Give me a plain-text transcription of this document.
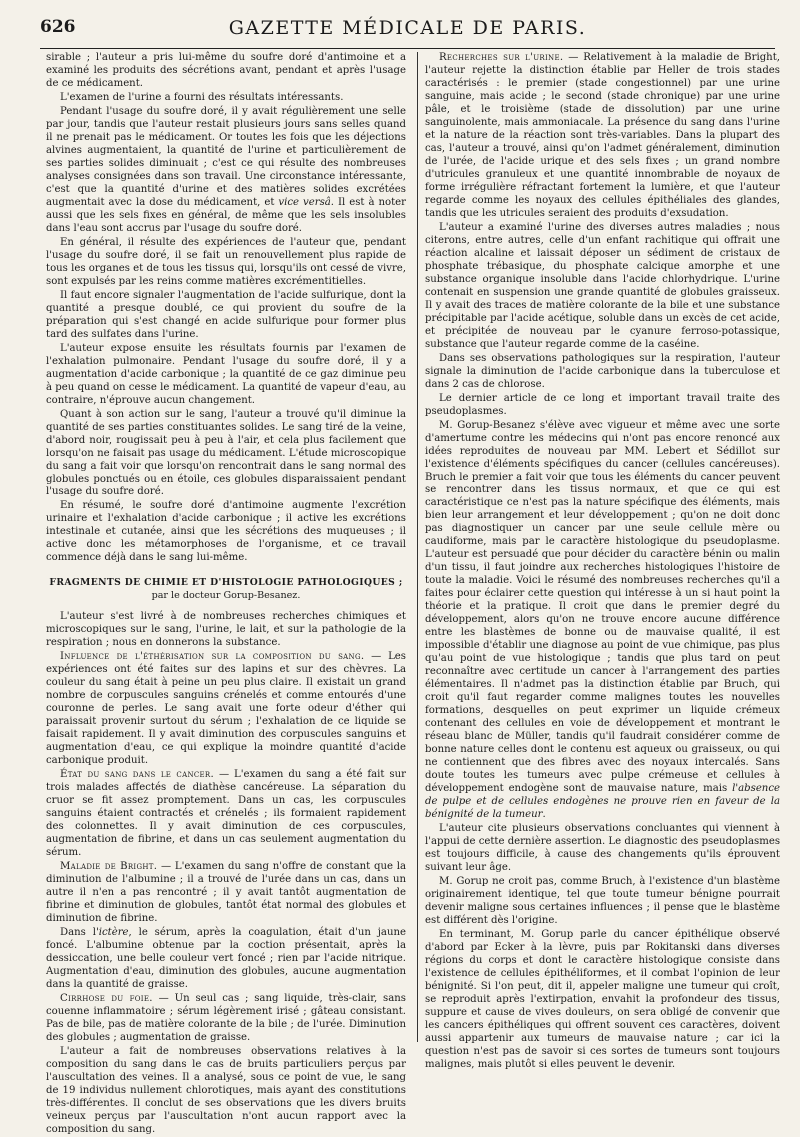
626	GAZETTE MÉDICALE DE PARIS.

sirable ; l'auteur a pris lui-même du soufre doré d'antimoine et a examiné les produits des sécrétions avant, pendant et après l'usage de ce médicament.

L'examen de l'urine a fourni des résultats intéressants.

Pendant l'usage du soufre doré, il y avait régulièrement une selle par jour, tandis que l'auteur restait plusieurs jours sans selles quand il ne prenait pas le médicament. Or toutes les fois que les déjections alvines augmentaient, la quantité de l'urine et particulièrement de ses parties solides diminuait ; c'est ce qui résulte des nombreuses analyses consignées dans son travail. Une circonstance intéressante, c'est que la quantité d'urine et des matières solides excrétées augmentait avec la dose du médicament, et vice versâ. Il est à noter aussi que les sels fixes en général, de même que les sels insolubles dans l'eau sont accrus par l'usage du soufre doré.

En général, il résulte des expériences de l'auteur que, pendant l'usage du soufre doré, il se fait un renouvellement plus rapide de tous les organes et de tous les tissus qui, lorsqu'ils ont cessé de vivre, sont expulsés par les reins comme matières excrémentitielles.

Il faut encore signaler l'augmentation de l'acide sulfurique, dont la quantité a presque doublé, ce qui provient du soufre de la préparation qui s'est changé en acide sulfurique pour former plus tard des sulfates dans l'urine.

L'auteur expose ensuite les résultats fournis par l'examen de l'exhalation pulmonaire. Pendant l'usage du soufre doré, il y a augmentation d'acide carbonique ; la quantité de ce gaz diminue peu à peu quand on cesse le médicament. La quantité de vapeur d'eau, au contraire, n'éprouve aucun changement.

Quant à son action sur le sang, l'auteur a trouvé qu'il diminue la quantité de ses parties constituantes solides. Le sang tiré de la veine, d'abord noir, rougissait peu à peu à l'air, et cela plus facilement que lorsqu'on ne faisait pas usage du médicament. L'étude microscopique du sang a fait voir que lorsqu'on rencontrait dans le sang normal des globules ponctués ou en étoile, ces globules disparaissaient pendant l'usage du soufre doré.

En résumé, le soufre doré d'antimoine augmente l'excrétion urinaire et l'exhalation d'acide carbonique ; il active les excrétions intestinale et cutanée, ainsi que les sécrétions des muqueuses ; il active donc les métamorphoses de l'organisme, et ce travail commence déjà dans le sang lui-même.

FRAGMENTS DE CHIMIE ET D'HISTOLOGIE PATHOLOGIQUES ;
par le docteur Gorup-Besanez.

L'auteur s'est livré à de nombreuses recherches chimiques et microscopiques sur le sang, l'urine, le lait, et sur la pathologie de la respiration ; nous en donnerons la substance.

Influence de l'éthérisation sur la composition du sang. — Les expériences ont été faites sur des lapins et sur des chèvres. La couleur du sang était à peine un peu plus claire. Il existait un grand nombre de corpuscules sanguins crénelés et comme entourés d'une couronne de perles. Le sang avait une forte odeur d'éther qui paraissait provenir surtout du sérum ; l'exhalation de ce liquide se faisait rapidement. Il y avait diminution des corpuscules sanguins et augmentation d'eau, ce qui explique la moindre quantité d'acide carbonique produit.

État du sang dans le cancer. — L'examen du sang a été fait sur trois malades affectés de diathèse cancéreuse. La séparation du cruor se fit assez promptement. Dans un cas, les corpuscules sanguins étaient contractés et crénelés ; ils formaient rapidement des colonnettes. Il y avait diminution de ces corpuscules, augmentation de fibrine, et dans un cas seulement augmentation du sérum.

Maladie de Bright. — L'examen du sang n'offre de constant que la diminution de l'albumine ; il a trouvé de l'urée dans un cas, dans un autre il n'en a pas rencontré ; il y avait tantôt augmentation de fibrine et diminution de globules, tantôt état normal des globules et diminution de fibrine.

Dans l'ictère, le sérum, après la coagulation, était d'un jaune foncé. L'albumine obtenue par la coction présentait, après la dessiccation, une belle couleur vert foncé ; rien par l'acide nitrique. Augmentation d'eau, diminution des globules, aucune augmentation dans la quantité de graisse.

Cirrhose du foie. — Un seul cas ; sang liquide, très-clair, sans couenne inflammatoire ; sérum légèrement irisé ; gâteau consistant. Pas de bile, pas de matière colorante de la bile ; de l'urée. Diminution des globules ; augmentation de graisse.

L'auteur a fait de nombreuses observations relatives à la composition du sang dans le cas de bruits particuliers perçus par l'auscultation des veines. Il a analysé, sous ce point de vue, le sang de 19 individus nullement chlorotiques, mais ayant des constitutions très-différentes. Il conclut de ses observations que les divers bruits veineux perçus par l'auscultation n'ont aucun rapport avec la composition du sang.

Recherches sur l'urine. — Relativement à la maladie de Bright, l'auteur rejette la distinction établie par Heller de trois stades caractérisés : le premier (stade congestionnel) par une urine sanguine, mais acide ; le second (stade chronique) par une urine pâle, et le troisième (stade de dissolution) par une urine sanguinolente, mais ammoniacale. La présence du sang dans l'urine et la nature de la réaction sont très-variables. Dans la plupart des cas, l'auteur a trouvé, ainsi qu'on l'admet généralement, diminution de l'urée, de l'acide urique et des sels fixes ; un grand nombre d'utricules granuleux et une quantité innombrable de noyaux de forme irrégulière réfractant fortement la lumière, et que l'auteur regarde comme les noyaux des cellules épithéliales des glandes, tandis que les utricules seraient des produits d'exsudation.

L'auteur a examiné l'urine des diverses autres maladies ; nous citerons, entre autres, celle d'un enfant rachitique qui offrait une réaction alcaline et laissait déposer un sédiment de cristaux de phosphate trébasique, du phosphate calcique amorphe et une substance organique insoluble dans l'acide chlorhydrique. L'urine contenait en suspension une grande quantité de globules graisseux. Il y avait des traces de matière colorante de la bile et une substance précipitable par l'acide acétique, soluble dans un excès de cet acide, et précipitée de nouveau par le cyanure ferroso-potassique, substance que l'auteur regarde comme de la caséine.

Dans ses observations pathologiques sur la respiration, l'auteur signale la diminution de l'acide carbonique dans la tuberculose et dans 2 cas de chlorose.

Le dernier article de ce long et important travail traite des pseudoplasmes.

M. Gorup-Besanez s'élève avec vigueur et même avec une sorte d'amertume contre les médecins qui n'ont pas encore renoncé aux idées reproduites de nouveau par MM. Lebert et Sédillot sur l'existence d'éléments spécifiques du cancer (cellules cancéreuses). Bruch le premier a fait voir que tous les éléments du cancer peuvent se rencontrer dans les tissus normaux, et que ce qui est caractéristique ce n'est pas la nature spécifique des éléments, mais bien leur arrangement et leur développement ; qu'on ne doit donc pas diagnostiquer un cancer par une seule cellule mère ou caudiforme, mais par le caractère histologique du pseudoplasme. L'auteur est persuadé que pour décider du caractère bénin ou malin d'un tissu, il faut joindre aux recherches histologiques l'histoire de toute la maladie. Voici le résumé des nombreuses recherches qu'il a faites pour éclairer cette question qui intéresse à un si haut point la théorie et la pratique. Il croit que dans le premier degré du développement, alors qu'on ne trouve encore aucune différence entre les blastèmes de bonne ou de mauvaise qualité, il est impossible d'établir une diagnose au point de vue chimique, pas plus qu'au point de vue histologique ; tandis que plus tard on peut reconnaître avec certitude un cancer à l'arrangement des parties élémentaires. Il n'admet pas la distinction établie par Bruch, qui croit qu'il faut regarder comme malignes toutes les nouvelles formations, desquelles on peut exprimer un liquide crémeux contenant des cellules en voie de développement et montrant le réseau blanc de Müller, tandis qu'il faudrait considérer comme de bonne nature celles dont le contenu est aqueux ou graisseux, ou qui ne contiennent que des fibres avec des noyaux intercalés. Sans doute toutes les tumeurs avec pulpe crémeuse et cellules à développement endogène sont de mauvaise nature, mais l'absence de pulpe et de cellules endogènes ne prouve rien en faveur de la bénignité de la tumeur.

L'auteur cite plusieurs observations concluantes qui viennent à l'appui de cette dernière assertion. Le diagnostic des pseudoplasmes est toujours difficile, à cause des changements qu'ils éprouvent suivant leur âge.

M. Gorup ne croit pas, comme Bruch, à l'existence d'un blastème originairement identique, tel que toute tumeur bénigne pourrait devenir maligne sous certaines influences ; il pense que le blastème est différent dès l'origine.

En terminant, M. Gorup parle du cancer épithélique observé d'abord par Ecker à la lèvre, puis par Rokitanski dans diverses régions du corps et dont le caractère histologique consiste dans l'existence de cellules épithéliformes, et il combat l'opinion de leur bénignité. Si l'on peut, dit il, appeler maligne une tumeur qui croît, se reproduit après l'extirpation, envahit la profondeur des tissus, suppure et cause de vives douleurs, on sera obligé de convenir que les cancers épithéliques qui offrent souvent ces caractères, doivent aussi appartenir aux tumeurs de mauvaise nature ; car ici la question n'est pas de savoir si ces sortes de tumeurs sont toujours malignes, mais plutôt si elles peuvent le devenir.
